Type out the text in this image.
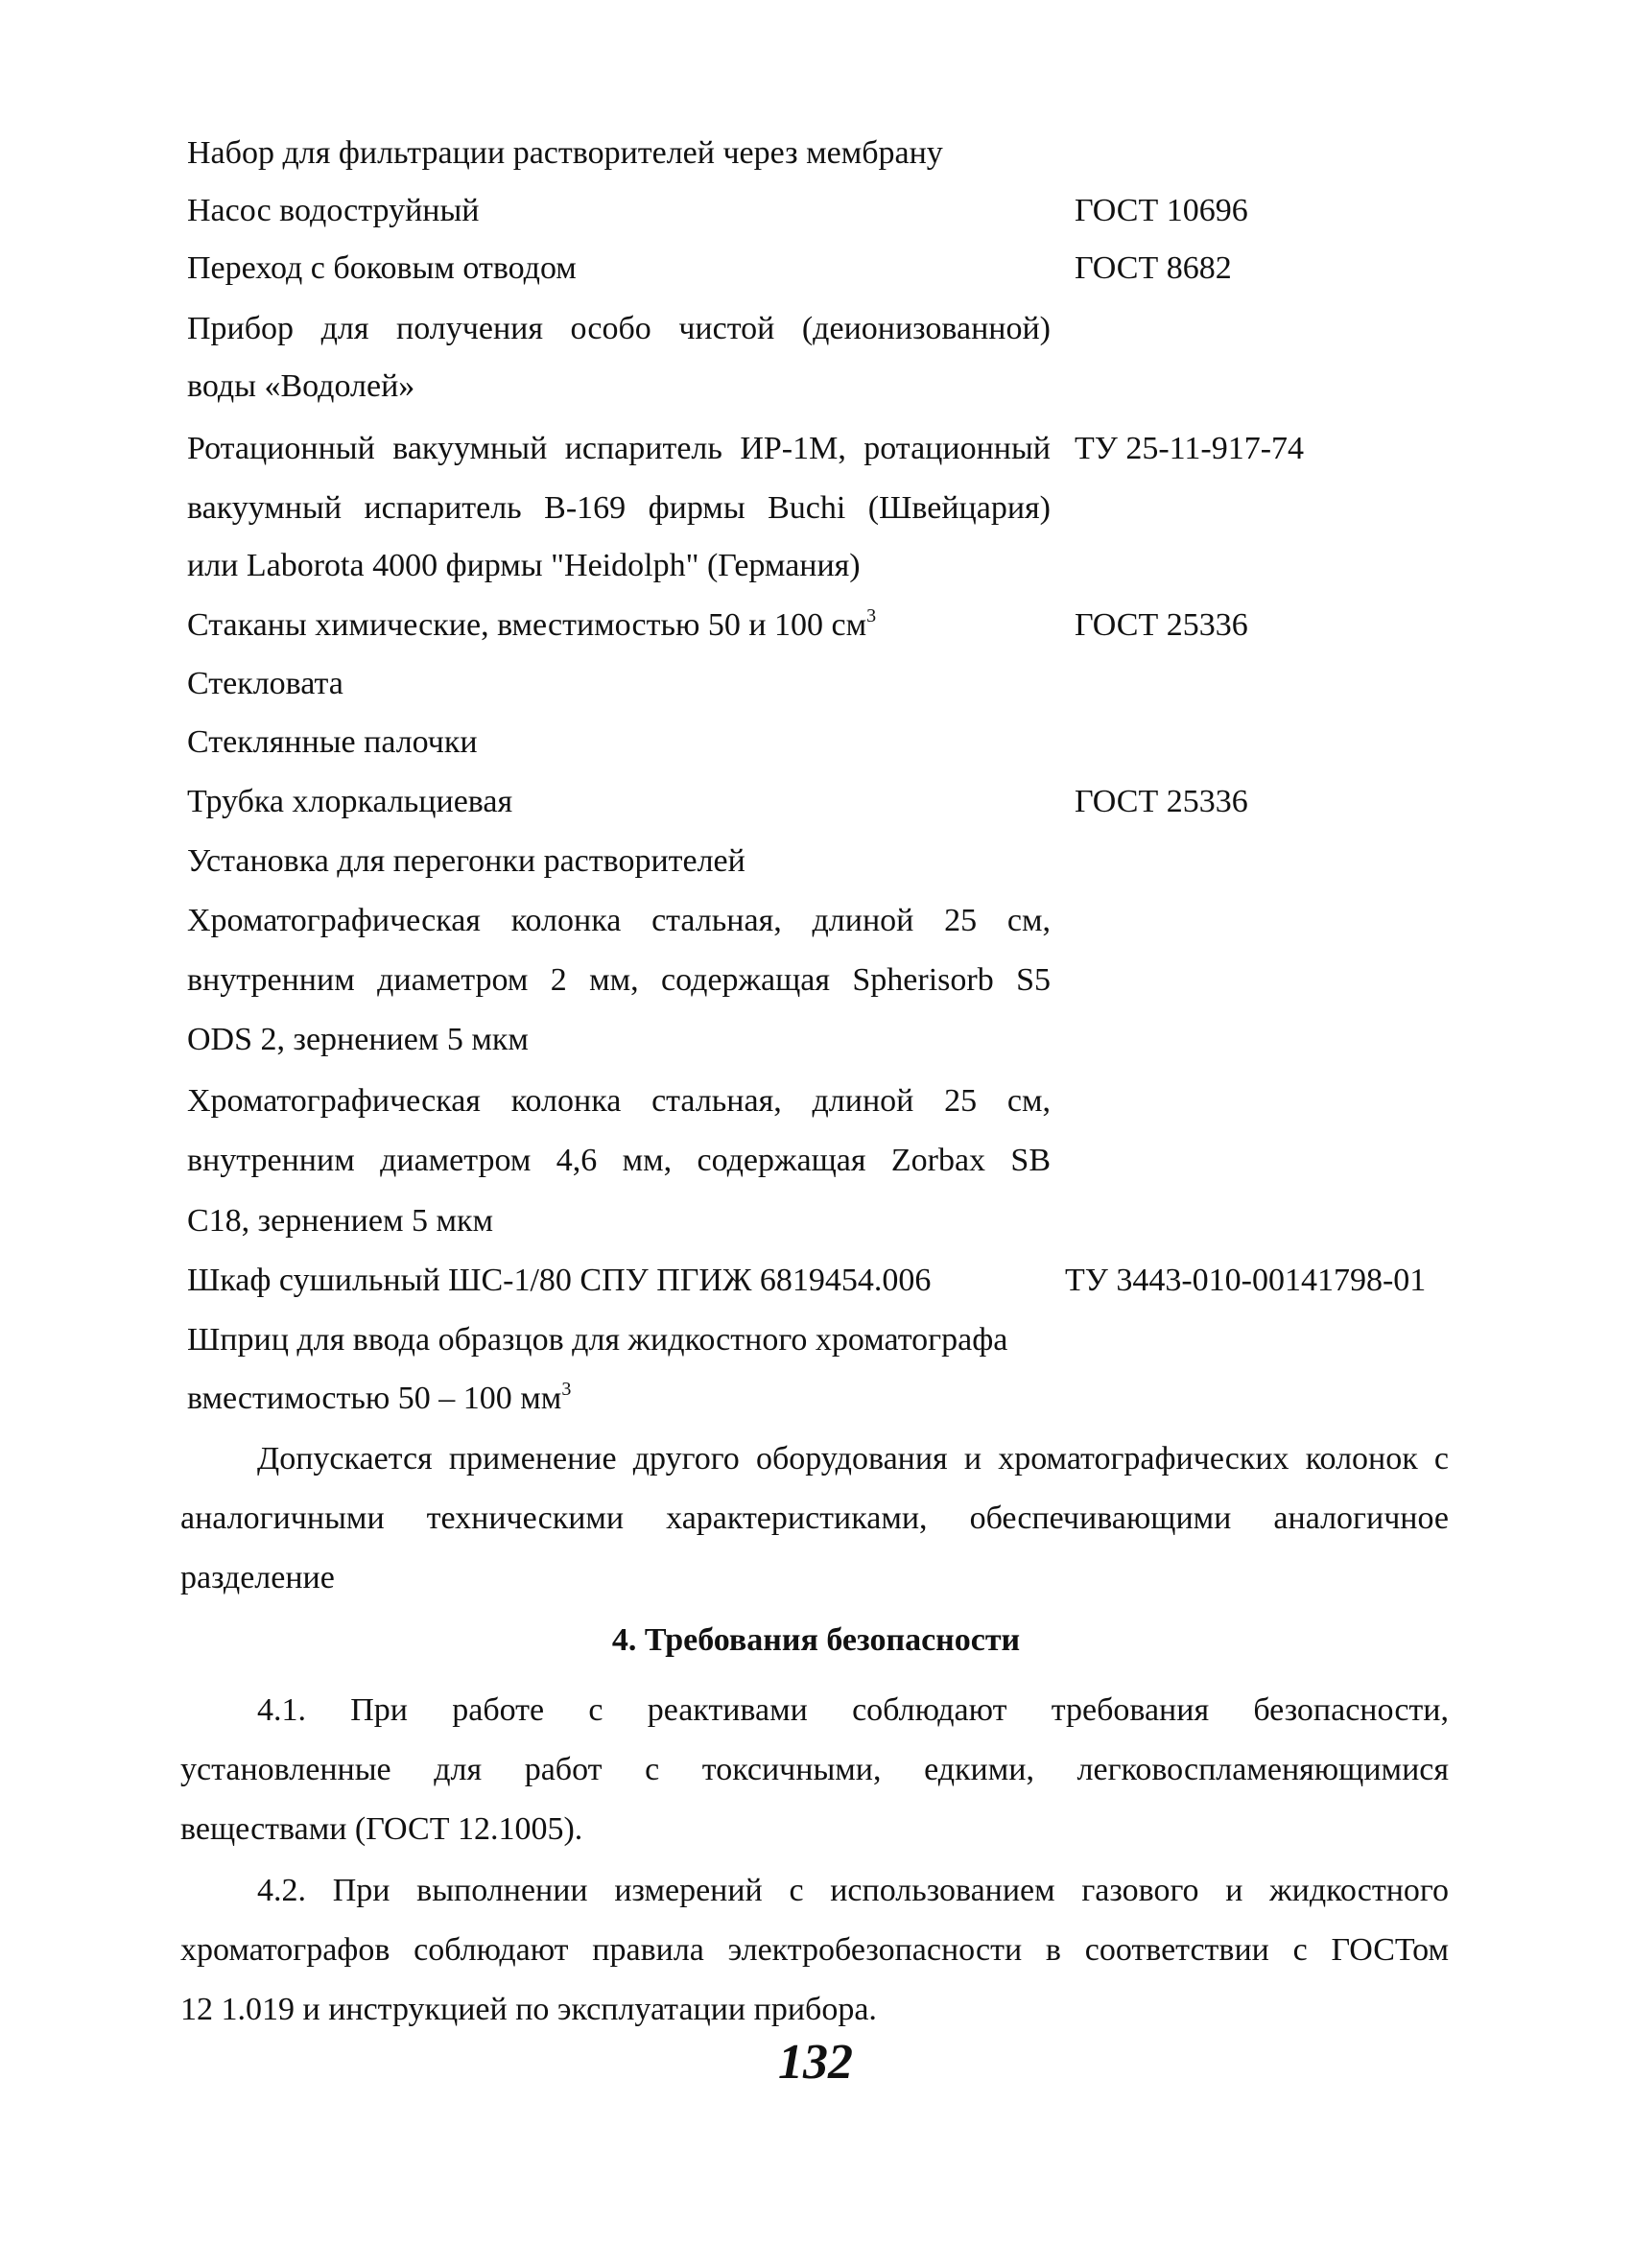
Набор для фильтрации растворителей через мембрану
Насос водоструйный	ГОСТ 10696
Переход с боковым отводом	ГОСТ 8682
Прибор для получения особо чистой (деионизованной)
воды «Водолей»
Ротационный вакуумный испаритель ИР-1М, ротационный ТУ 25-11-917-74
вакуумный испаритель В-169 фирмы Buchi (Швейцария)
или Laborota 4000 фирмы "Heidolph" (Германия)
Стаканы химические, вместимостью 50 и 100 $см^3$	ГОСТ 25336
Стекловата
Стеклянные палочки
Трубка хлоркальциевая	ГОСТ 25336
Установка для перегонки растворителей
Хроматографическая колонка стальная, длиной 25 см,
внутренним диаметром 2 мм, содержащая Spherisorb S5
ODS 2, зернением 5 мкм
Хроматографическая колонка стальная, длиной 25 см,
внутренним диаметром 4,6 мм, содержащая Zorbax SB
C18, зернением 5 мкм
Шкаф сушильный ШС-1/80 СПУ ПГИЖ 6819454.006	ТУ 3443-010-00141798-01
Шприц для ввода образцов для жидкостного хроматографа
вместимостью 50 – 100 $мм^3$
Допускается применение другого оборудования и хроматографических колонок с
аналогичными техническими характеристиками, обеспечивающими аналогичное
разделение
4. Требования безопасности
4.1. При работе с реактивами соблюдают требования безопасности,
установленные для работ с токсичными, едкими, легковоспламеняющимися
веществами (ГОСТ 12.1005).
4.2. При выполнении измерений с использованием газового и жидкостного
хроматографов соблюдают правила электробезопасности в соответствии с ГОСТом
12 1.019 и инструкцией по эксплуатации прибора.
132
